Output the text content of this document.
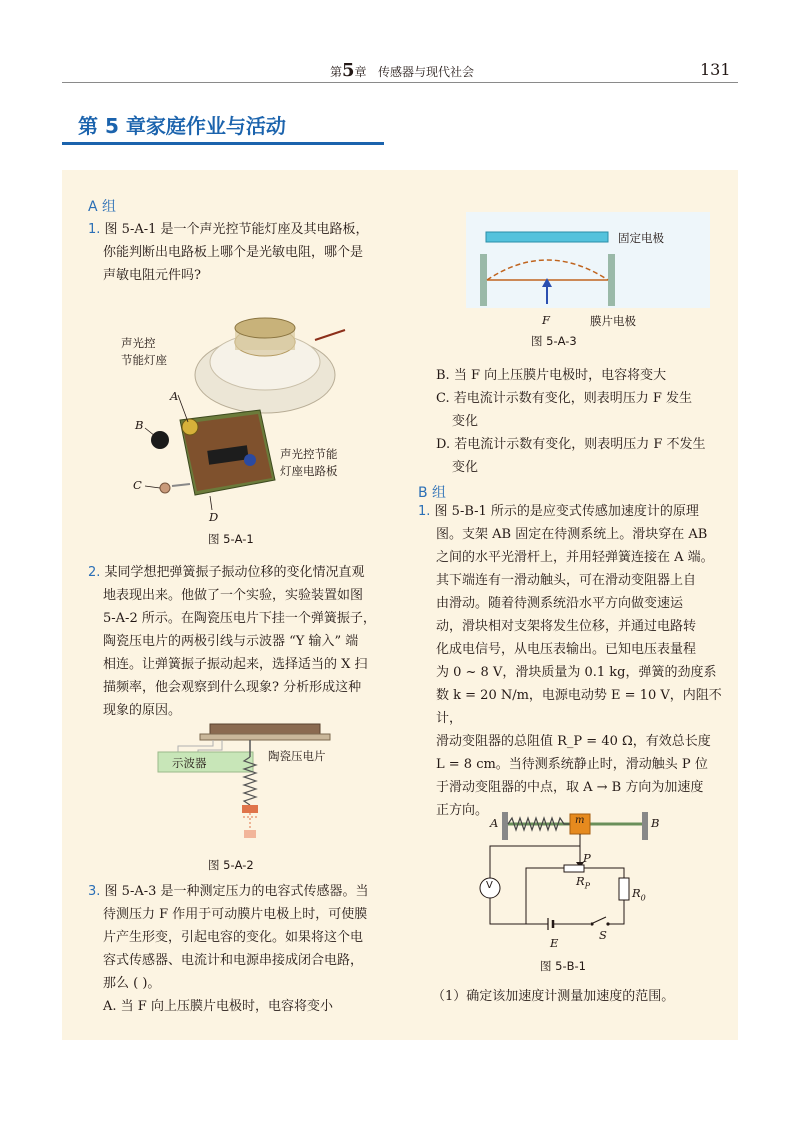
第5章 传感器与现代社会	131
第 5 章家庭作业与活动
A 组
1. 图 5-A-1 是一个声光控节能灯座及其电路板，
你能判断出电路板上哪个是光敏电阻，哪个是
声敏电阻元件吗?
声光控
节能灯座
声光控节能
灯座电路板
A
B
C
D
图 5-A-1
2. 某同学想把弹簧振子振动位移的变化情况直观
地表现出来。他做了一个实验，实验装置如图
5-A-2 所示。在陶瓷压电片下挂一个弹簧振子，
陶瓷压电片的两极引线与示波器 “Y 输入” 端
相连。让弹簧振子振动起来，选择适当的 X 扫
描频率，他会观察到什么现象? 分析形成这种
现象的原因。
示波器	陶瓷压电片
图 5-A-2
3. 图 5-A-3 是一种测定压力的电容式传感器。当
待测压力 F 作用于可动膜片电极上时，可使膜
片产生形变，引起电容的变化。如果将这个电
容式传感器、电流计和电源串接成闭合电路，
那么 ( )。
A. 当 F 向上压膜片电极时，电容将变小
固定电极
F	膜片电极
图 5-A-3
B. 当 F 向上压膜片电极时，电容将变大
C. 若电流计示数有变化，则表明压力 F 发生
变化
D. 若电流计示数有变化，则表明压力 F 不发生
变化
B 组
1. 图 5-B-1 所示的是应变式传感加速度计的原理
图。支架 AB 固定在待测系统上。滑块穿在 AB
之间的水平光滑杆上，并用轻弹簧连接在 A 端。
其下端连有一滑动触头，可在滑动变阻器上自
由滑动。随着待测系统沿水平方向做变速运
动，滑块相对支架将发生位移，并通过电路转
化成电信号，从电压表输出。已知电压表量程
为 0 ~ 8 V，滑块质量为 0.1 kg，弹簧的劲度系
数 k = 20 N/m，电源电动势 E = 10 V，内阻不计，
滑动变阻器的总阻值 R_P = 40 Ω，有效总长度
L = 8 cm。当待测系统静止时，滑动触头 P 位
于滑动变阻器的中点，取 A → B 方向为加速度
正方向。
A	B
m
P
$R_P$
$R_0$
V
E
S
图 5-B-1
（1）确定该加速度计测量加速度的范围。
